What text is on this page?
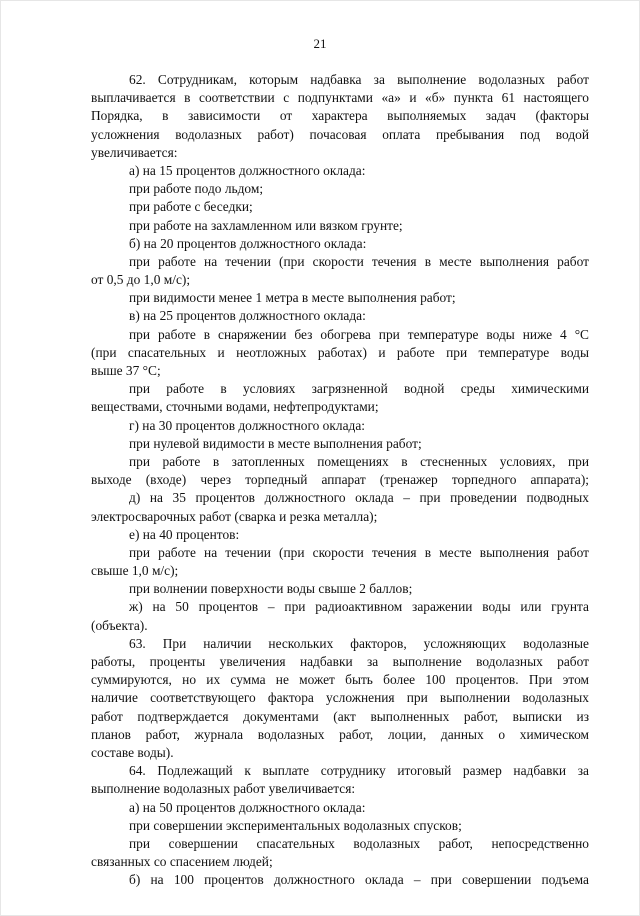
21
62. Сотрудникам, которым надбавка за выполнение водолазных работ
выплачивается в соответствии с подпунктами «а» и «б» пункта 61 настоящего
Порядка, в зависимости от характера выполняемых задач (факторы
усложнения водолазных работ) почасовая оплата пребывания под водой
увеличивается:
а) на 15 процентов должностного оклада:
при работе подо льдом;
при работе с беседки;
при работе на захламленном или вязком грунте;
б) на 20 процентов должностного оклада:
при работе на течении (при скорости течения в месте выполнения работ
от 0,5 до 1,0 м/с);
при видимости менее 1 метра в месте выполнения работ;
в) на 25 процентов должностного оклада:
при работе в снаряжении без обогрева при температуре воды ниже 4 °С
(при спасательных и неотложных работах) и работе при температуре воды
выше 37 °С;
при работе в условиях загрязненной водной среды химическими
веществами, сточными водами, нефтепродуктами;
г) на 30 процентов должностного оклада:
при нулевой видимости в месте выполнения работ;
при работе в затопленных помещениях в стесненных условиях, при
выходе (входе) через торпедный аппарат (тренажер торпедного аппарата);
д) на 35 процентов должностного оклада – при проведении подводных
электросварочных работ (сварка и резка металла);
е) на 40 процентов:
при работе на течении (при скорости течения в месте выполнения работ
свыше 1,0 м/с);
при волнении поверхности воды свыше 2 баллов;
ж) на 50 процентов – при радиоактивном заражении воды или грунта
(объекта).
63. При наличии нескольких факторов, усложняющих водолазные
работы, проценты увеличения надбавки за выполнение водолазных работ
суммируются, но их сумма не может быть более 100 процентов. При этом
наличие соответствующего фактора усложнения при выполнении водолазных
работ подтверждается документами (акт выполненных работ, выписки из
планов работ, журнала водолазных работ, лоции, данных о химическом
составе воды).
64. Подлежащий к выплате сотруднику итоговый размер надбавки за
выполнение водолазных работ увеличивается:
а) на 50 процентов должностного оклада:
при совершении экспериментальных водолазных спусков;
при совершении спасательных водолазных работ, непосредственно
связанных со спасением людей;
б) на 100 процентов должностного оклада – при совершении подъема
